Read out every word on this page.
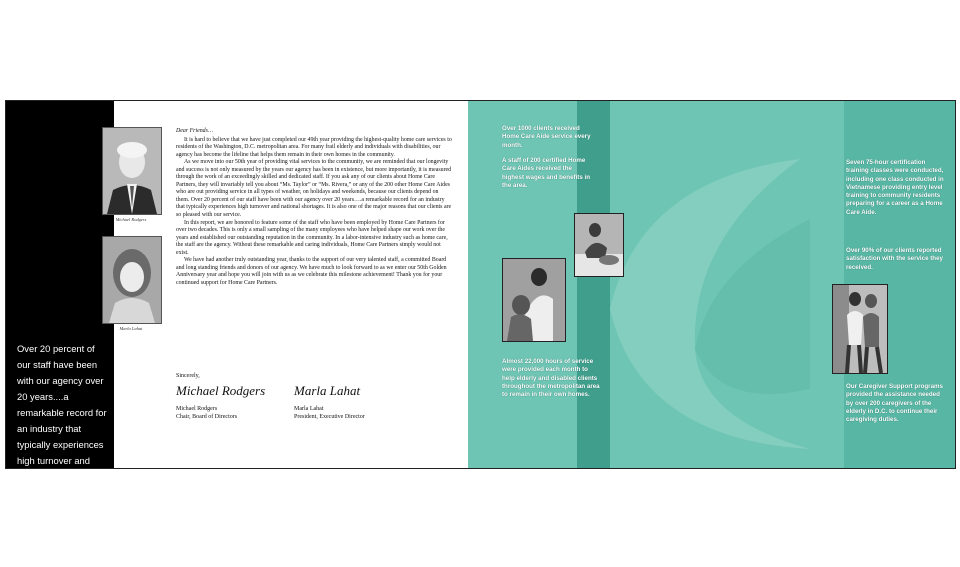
Over 20 percent of our staff have been with our agency over 20 years....a remarkable record for an industry that typically experiences high turnover and national shortages.
Michael Rodgers
Marla Lahat

Dear Friends…

It is hard to believe that we have just completed our 49th year providing the highest-quality home care services to residents of the Washington, D.C. metropolitan area. For many frail elderly and individuals with disabilities, our agency has become the lifeline that helps them remain in their own homes in the community.

As we move into our 50th year of providing vital services to the community, we are reminded that our longevity and success is not only measured by the years our agency has been in existence, but more importantly, it is measured through the work of an exceedingly skilled and dedicated staff. If you ask any of our clients about Home Care Partners, they will invariably tell you about “Ms. Taylor” or “Ms. Rivera,” or any of the 200 other Home Care Aides who are out providing service in all types of weather, on holidays and weekends, because our clients depend on them. Over 20 percent of our staff have been with our agency over 20 years….a remarkable record for an industry that typically experiences high turnover and national shortages. It is also one of the major reasons that our clients are so pleased with our service.

In this report, we are honored to feature some of the staff who have been employed by Home Care Partners for over two decades. This is only a small sampling of the many employees who have helped shape our work over the years and established our outstanding reputation in the community. In a labor-intensive industry such as home care, the staff are the agency. Without these remarkable and caring individuals, Home Care Partners simply would not exist.

We have had another truly outstanding year, thanks to the support of our very talented staff, a committed Board and long standing friends and donors of our agency. We have much to look forward to as we enter our 50th Golden Anniversary year and hope you will join with us as we celebrate this milestone achievement! Thank you for your continued support for Home Care Partners.

Sincerely,
Michael Rodgers
Michael Rodgers
Chair, Board of Directors
Marla Lahat
Marla Lahat
President, Executive Director
Over 1000 clients received Home Care Aide service every month.
A staff of 200 certified Home Care Aides received the highest wages and benefits in the area.
Almost 22,000 hours of service were provided each month to help elderly and disabled clients throughout the metropolitan area to remain in their own homes.
Seven 75-hour certification training classes were conducted, including one class conducted in Vietnamese providing entry level training to community residents preparing for a career as a Home Care Aide.
Over 90% of our clients reported satisfaction with the service they received.
Our Caregiver Support programs provided the assistance needed by over 200 caregivers of the elderly in D.C. to continue their caregiving duties.
